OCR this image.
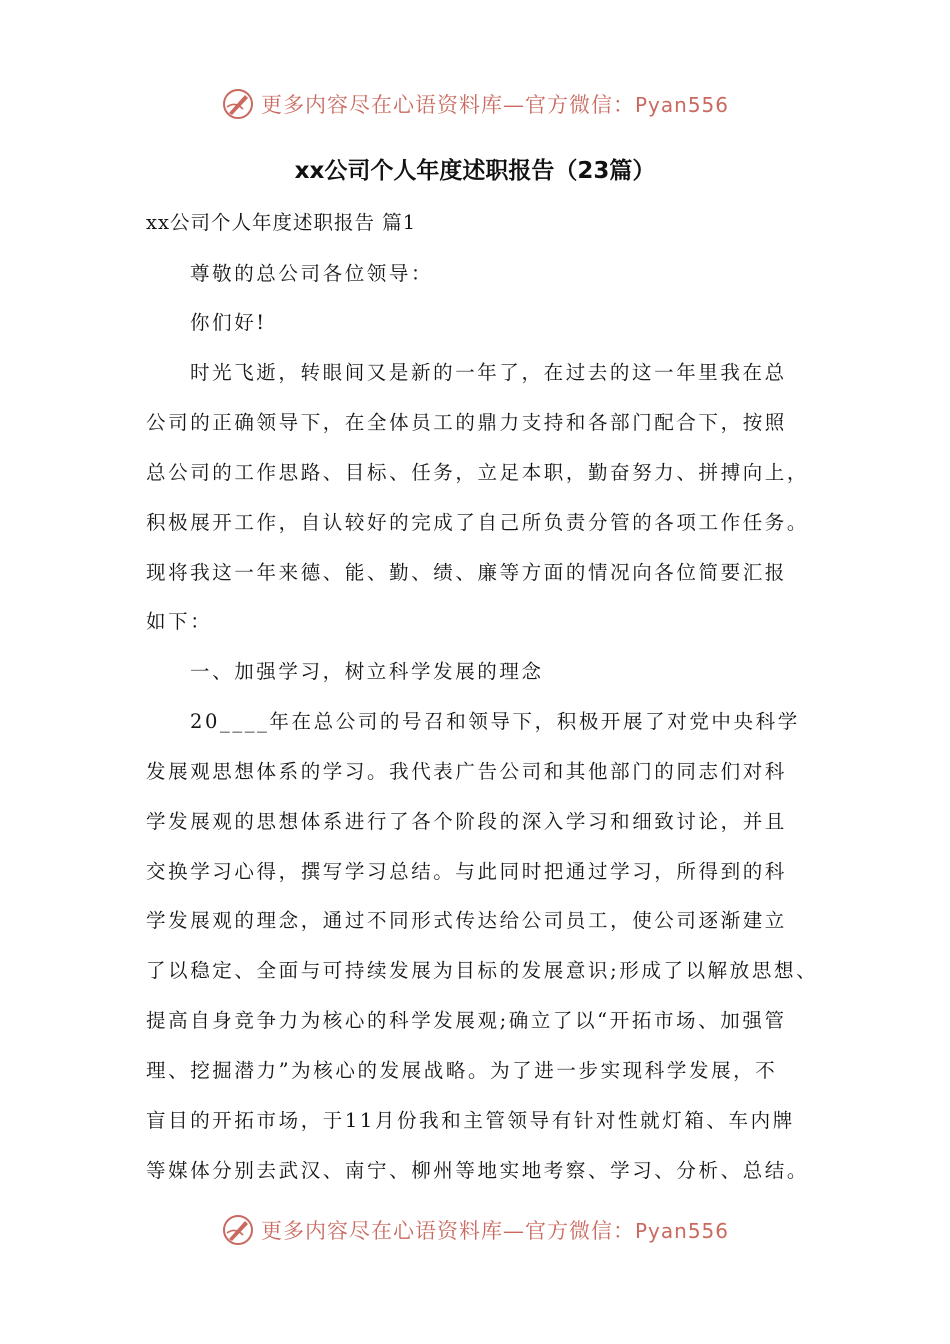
更多内容尽在心语资料库—官方微信：Pyan556
xx公司个人年度述职报告（23篇）
xx公司个人年度述职报告 篇1
尊敬的总公司各位领导：
你们好!
时光飞逝，转眼间又是新的一年了，在过去的这一年里我在总
公司的正确领导下，在全体员工的鼎力支持和各部门配合下，按照
总公司的工作思路、目标、任务，立足本职，勤奋努力、拼搏向上，
积极展开工作，自认较好的完成了自己所负责分管的各项工作任务。
现将我这一年来德、能、勤、绩、廉等方面的情况向各位简要汇报
如下：
一、加强学习，树立科学发展的理念
20____年在总公司的号召和领导下，积极开展了对党中央科学
发展观思想体系的学习。我代表广告公司和其他部门的同志们对科
学发展观的思想体系进行了各个阶段的深入学习和细致讨论，并且
交换学习心得，撰写学习总结。与此同时把通过学习，所得到的科
学发展观的理念，通过不同形式传达给公司员工，使公司逐渐建立
了以稳定、全面与可持续发展为目标的发展意识;形成了以解放思想、
提高自身竞争力为核心的科学发展观;确立了以“开拓市场、加强管
理、挖掘潜力”为核心的发展战略。为了进一步实现科学发展，不
盲目的开拓市场，于11月份我和主管领导有针对性就灯箱、车内牌
等媒体分别去武汉、南宁、柳州等地实地考察、学习、分析、总结。
更多内容尽在心语资料库—官方微信：Pyan556
